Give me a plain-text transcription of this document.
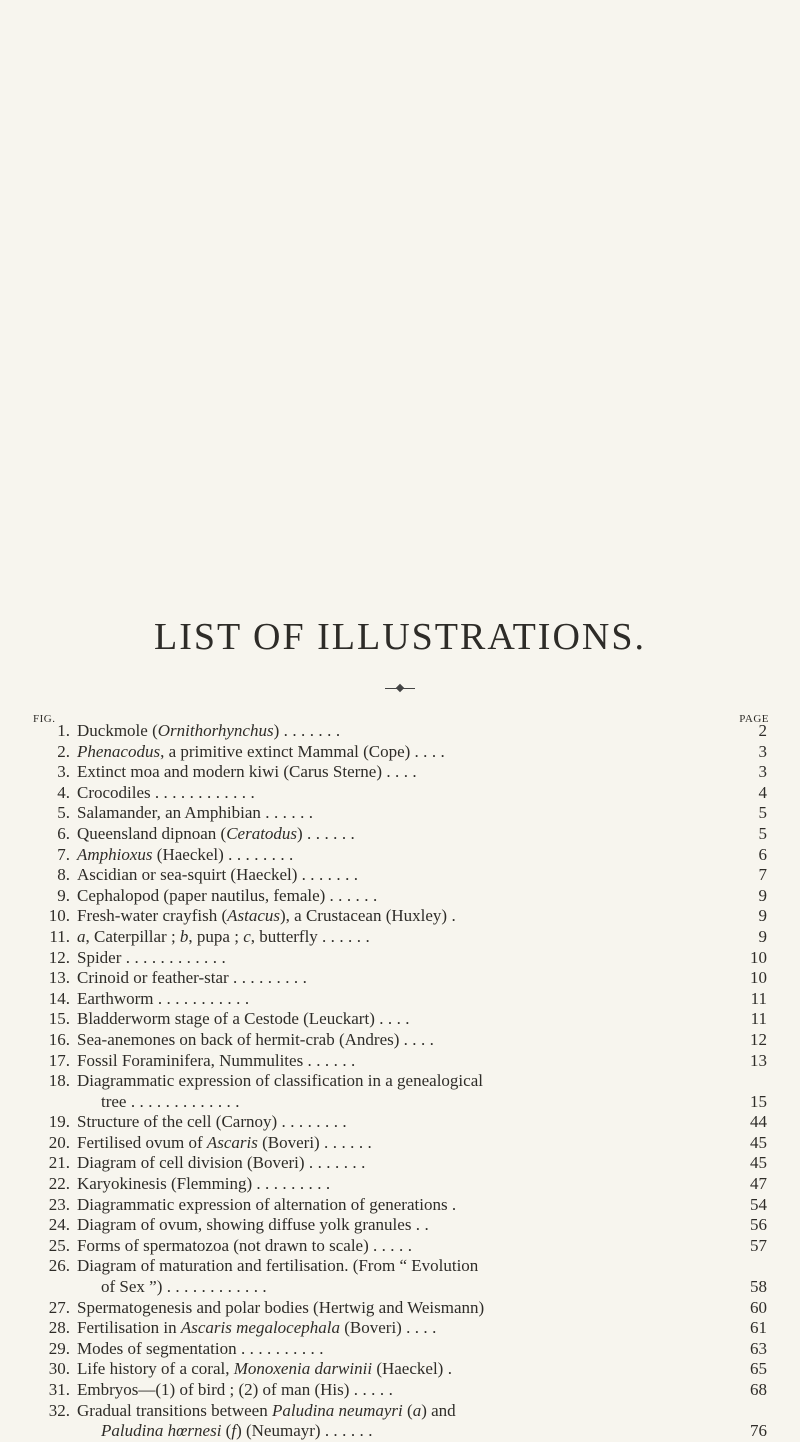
LIST OF ILLUSTRATIONS.
FIG.	PAGE
1. Duckmole (Ornithorhynchus) . . . . . . .	2
2. Phenacodus, a primitive extinct Mammal (Cope) . . . .	3
3. Extinct moa and modern kiwi (Carus Sterne) . . . .	3
4. Crocodiles . . . . . . . . . . . .	4
5. Salamander, an Amphibian . . . . . .	5
6. Queensland dipnoan (Ceratodus) . . . . . .	5
7. Amphioxus (Haeckel) . . . . . . . .	6
8. Ascidian or sea-squirt (Haeckel) . . . . . . .	7
9. Cephalopod (paper nautilus, female) . . . . . .	9
10. Fresh-water crayfish (Astacus), a Crustacean (Huxley) .	9
11. a, Caterpillar ; b, pupa ; c, butterfly . . . . . .	9
12. Spider . . . . . . . . . . . .	10
13. Crinoid or feather-star . . . . . . . . .	10
14. Earthworm . . . . . . . . . . .	11
15. Bladderworm stage of a Cestode (Leuckart) . . . .	11
16. Sea-anemones on back of hermit-crab (Andres) . . . .	12
17. Fossil Foraminifera, Nummulites . . . . . .	13
18. Diagrammatic expression of classification in a genealogical
tree . . . . . . . . . . . . .	15
19. Structure of the cell (Carnoy) . . . . . . . .	44
20. Fertilised ovum of Ascaris (Boveri) . . . . . .	45
21. Diagram of cell division (Boveri) . . . . . . .	45
22. Karyokinesis (Flemming) . . . . . . . . .	47
23. Diagrammatic expression of alternation of generations .	54
24. Diagram of ovum, showing diffuse yolk granules . .	56
25. Forms of spermatozoa (not drawn to scale) . . . . .	57
26. Diagram of maturation and fertilisation. (From “ Evolution
of Sex ”) . . . . . . . . . . . .	58
27. Spermatogenesis and polar bodies (Hertwig and Weismann)	60
28. Fertilisation in Ascaris megalocephala (Boveri) . . . .	61
29. Modes of segmentation . . . . . . . . . .	63
30. Life history of a coral, Monoxenia darwinii (Haeckel) .	65
31. Embryos—(1) of bird ; (2) of man (His) . . . . .	68
32. Gradual transitions between Paludina neumayri (a) and
Paludina hœrnesi (f) (Neumayr) . . . . . .	76
